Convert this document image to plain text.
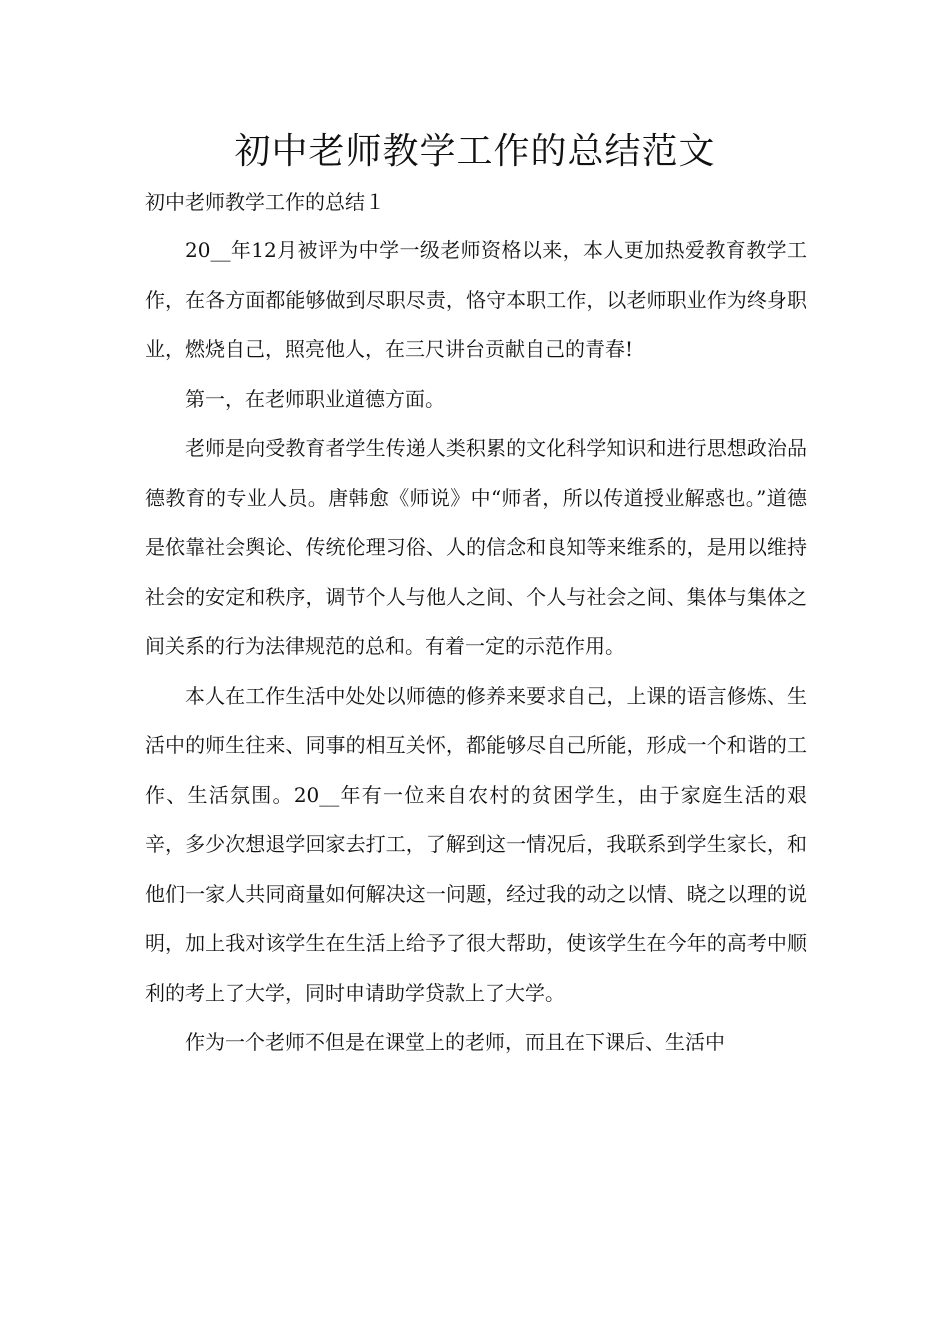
初中老师教学工作的总结范文

初中老师教学工作的总结１

20__年12月被评为中学一级老师资格以来，本人更加热爱教育教学工作，在各方面都能够做到尽职尽责，恪守本职工作，以老师职业作为终身职业，燃烧自己，照亮他人，在三尺讲台贡献自己的青春!

第一，在老师职业道德方面。

老师是向受教育者学生传递人类积累的文化科学知识和进行思想政治品德教育的专业人员。唐韩愈《师说》中“师者，所以传道授业解惑也。”道德是依靠社会舆论、传统伦理习俗、人的信念和良知等来维系的，是用以维持社会的安定和秩序，调节个人与他人之间、个人与社会之间、集体与集体之间关系的行为法律规范的总和。有着一定的示范作用。

本人在工作生活中处处以师德的修养来要求自己，上课的语言修炼、生活中的师生往来、同事的相互关怀，都能够尽自己所能，形成一个和谐的工作、生活氛围。20__年有一位来自农村的贫困学生，由于家庭生活的艰辛，多少次想退学回家去打工，了解到这一情况后，我联系到学生家长，和他们一家人共同商量如何解决这一问题，经过我的动之以情、晓之以理的说明，加上我对该学生在生活上给予了很大帮助，使该学生在今年的高考中顺利的考上了大学，同时申请助学贷款上了大学。

作为一个老师不但是在课堂上的老师，而且在下课后、生活中
